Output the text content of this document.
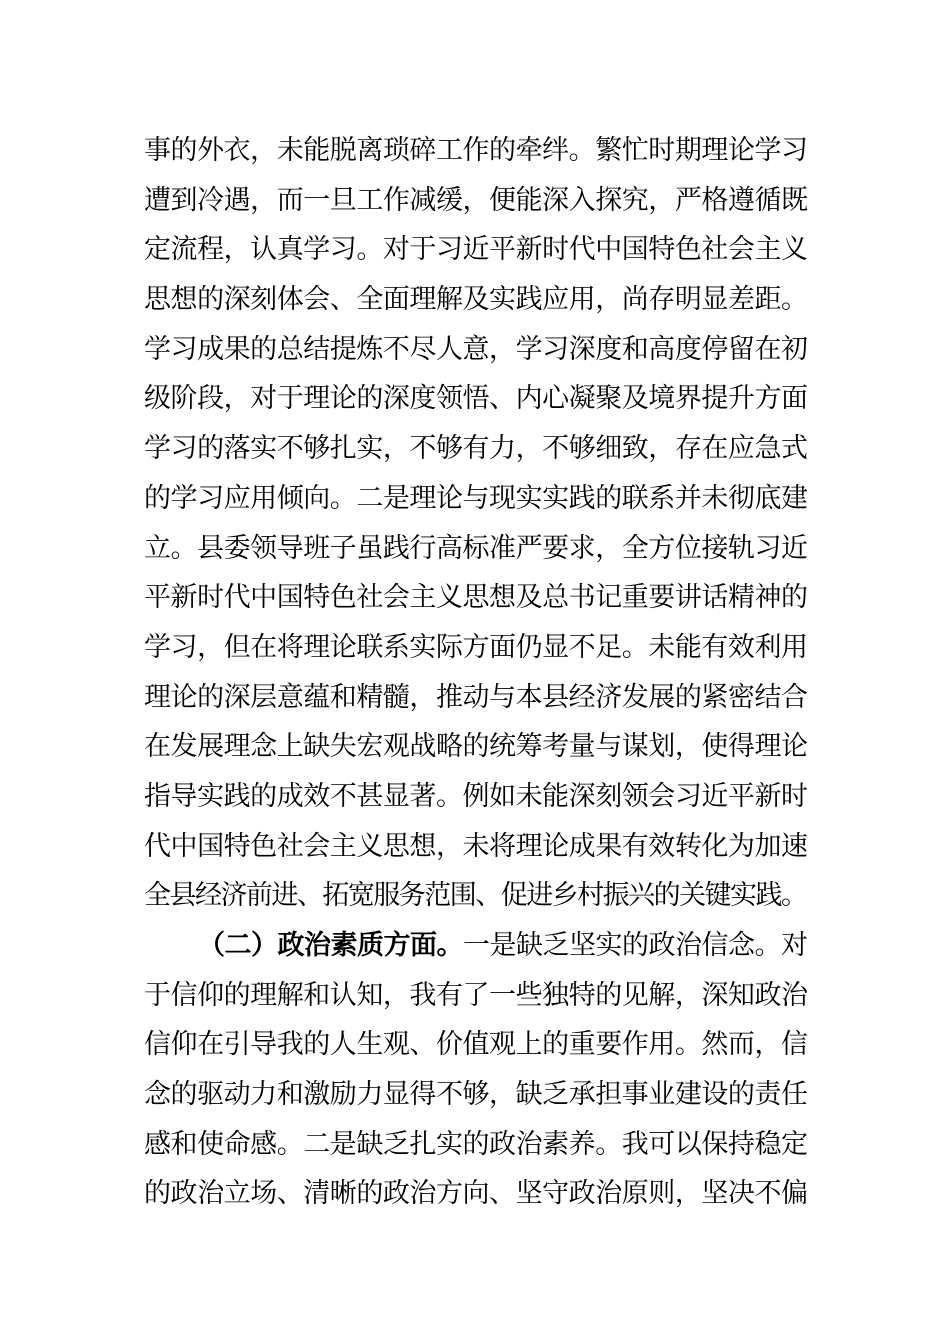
事的外衣，未能脱离琐碎工作的牵绊。繁忙时期理论学习
遭到冷遇，而一旦工作减缓，便能深入探究，严格遵循既
定流程，认真学习。对于习近平新时代中国特色社会主义
思想的深刻体会、全面理解及实践应用，尚存明显差距。
学习成果的总结提炼不尽人意，学习深度和高度停留在初
级阶段，对于理论的深度领悟、内心凝聚及境界提升方面
学习的落实不够扎实，不够有力，不够细致，存在应急式
的学习应用倾向。二是理论与现实实践的联系并未彻底建
立。县委领导班子虽践行高标准严要求，全方位接轨习近
平新时代中国特色社会主义思想及总书记重要讲话精神的
学习，但在将理论联系实际方面仍显不足。未能有效利用
理论的深层意蕴和精髓，推动与本县经济发展的紧密结合
在发展理念上缺失宏观战略的统筹考量与谋划，使得理论
指导实践的成效不甚显著。例如未能深刻领会习近平新时
代中国特色社会主义思想，未将理论成果有效转化为加速
全县经济前进、拓宽服务范围、促进乡村振兴的关键实践。
（二）政治素质方面。一是缺乏坚实的政治信念。对
于信仰的理解和认知，我有了一些独特的见解，深知政治
信仰在引导我的人生观、价值观上的重要作用。然而，信
念的驱动力和激励力显得不够，缺乏承担事业建设的责任
感和使命感。二是缺乏扎实的政治素养。我可以保持稳定
的政治立场、清晰的政治方向、坚守政治原则，坚决不偏
